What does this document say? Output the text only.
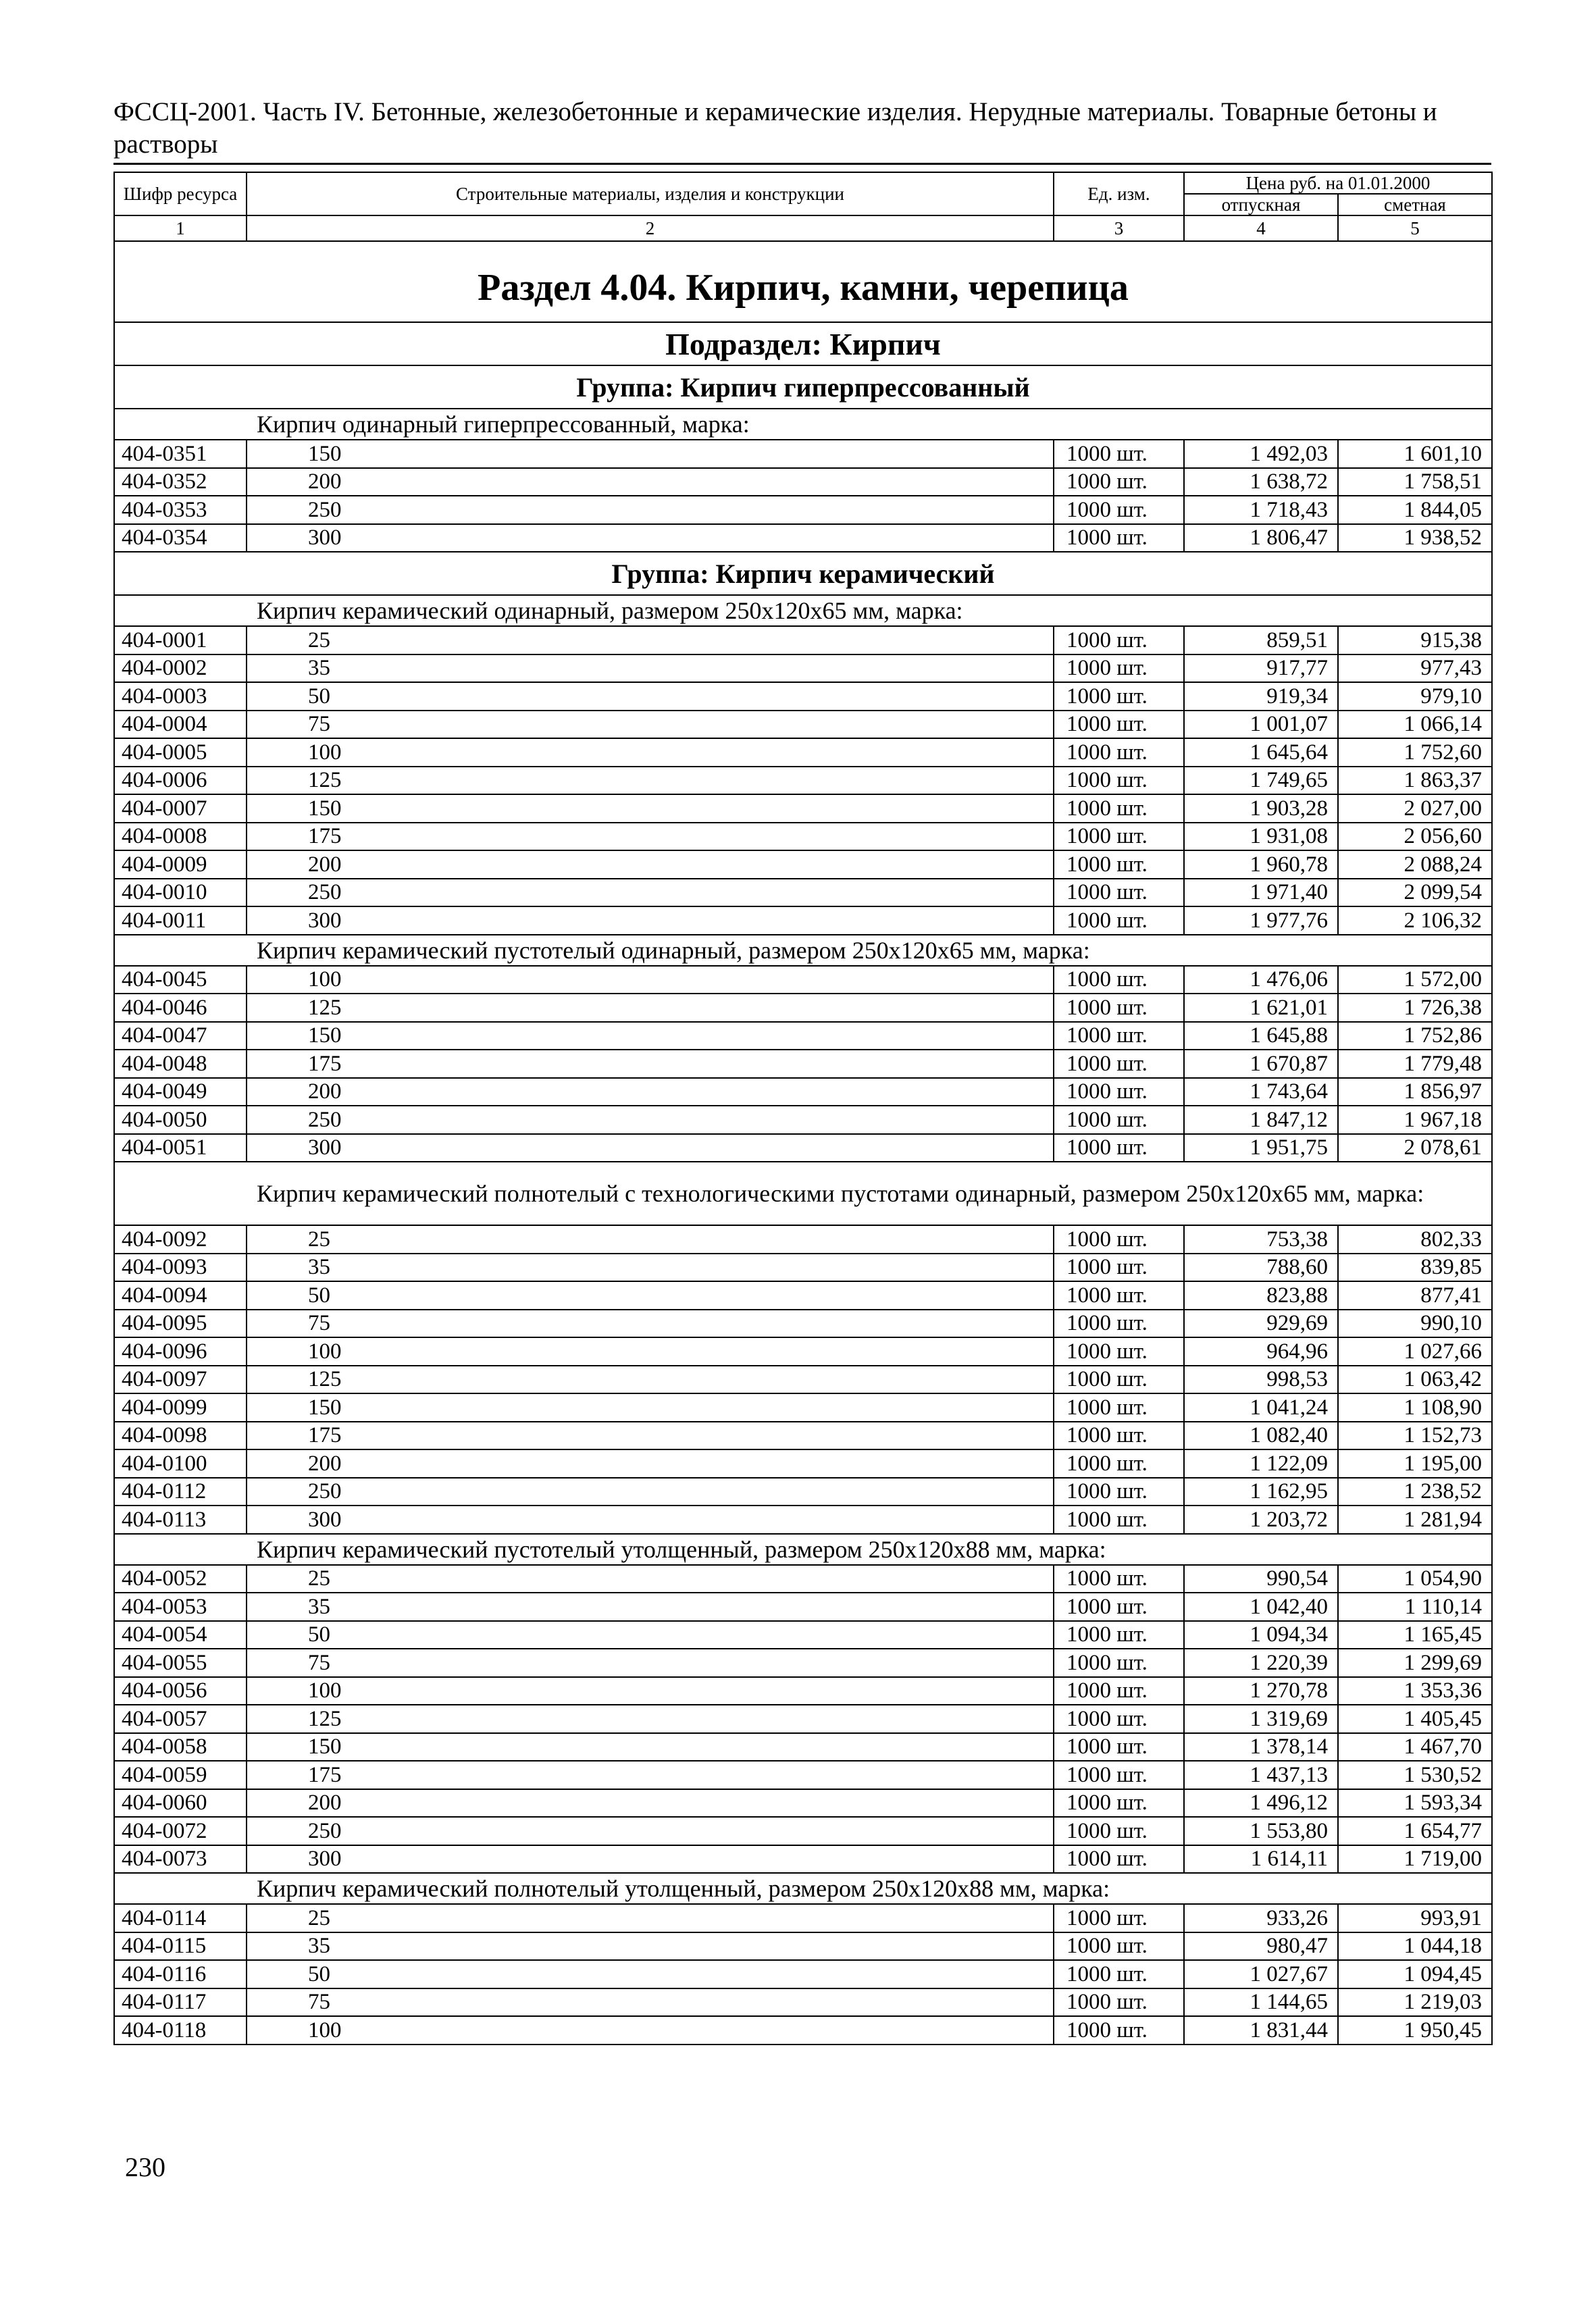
ФССЦ-2001. Часть IV. Бетонные, железобетонные и керамические изделия. Нерудные материалы. Товарные бетоны и растворы
Шифр ресурса	Строительные материалы, изделия и конструкции	Ед. изм.	Цена руб. на 01.01.2000	
			отпускная	сметная
1	2	3	4	5
Раздел 4.04. Кирпич, камни, черепица				
Подраздел: Кирпич				
Группа: Кирпич гиперпрессованный				
Кирпич одинарный гиперпрессованный, марка:				
404-0351	150	1000 шт.	1 492,03	1 601,10
404-0352	200	1000 шт.	1 638,72	1 758,51
404-0353	250	1000 шт.	1 718,43	1 844,05
404-0354	300	1000 шт.	1 806,47	1 938,52
Группа: Кирпич керамический				
Кирпич керамический одинарный, размером 250x120x65 мм, марка:				
404-0001	25	1000 шт.	859,51	915,38
404-0002	35	1000 шт.	917,77	977,43
404-0003	50	1000 шт.	919,34	979,10
404-0004	75	1000 шт.	1 001,07	1 066,14
404-0005	100	1000 шт.	1 645,64	1 752,60
404-0006	125	1000 шт.	1 749,65	1 863,37
404-0007	150	1000 шт.	1 903,28	2 027,00
404-0008	175	1000 шт.	1 931,08	2 056,60
404-0009	200	1000 шт.	1 960,78	2 088,24
404-0010	250	1000 шт.	1 971,40	2 099,54
404-0011	300	1000 шт.	1 977,76	2 106,32
Кирпич керамический пустотелый одинарный, размером 250x120x65 мм, марка:				
404-0045	100	1000 шт.	1 476,06	1 572,00
404-0046	125	1000 шт.	1 621,01	1 726,38
404-0047	150	1000 шт.	1 645,88	1 752,86
404-0048	175	1000 шт.	1 670,87	1 779,48
404-0049	200	1000 шт.	1 743,64	1 856,97
404-0050	250	1000 шт.	1 847,12	1 967,18
404-0051	300	1000 шт.	1 951,75	2 078,61
Кирпич керамический полнотелый с технологическими пустотами одинарный, размером 250x120x65 мм, марка:				
404-0092	25	1000 шт.	753,38	802,33
404-0093	35	1000 шт.	788,60	839,85
404-0094	50	1000 шт.	823,88	877,41
404-0095	75	1000 шт.	929,69	990,10
404-0096	100	1000 шт.	964,96	1 027,66
404-0097	125	1000 шт.	998,53	1 063,42
404-0099	150	1000 шт.	1 041,24	1 108,90
404-0098	175	1000 шт.	1 082,40	1 152,73
404-0100	200	1000 шт.	1 122,09	1 195,00
404-0112	250	1000 шт.	1 162,95	1 238,52
404-0113	300	1000 шт.	1 203,72	1 281,94
Кирпич керамический пустотелый утолщенный, размером 250x120x88 мм, марка:				
404-0052	25	1000 шт.	990,54	1 054,90
404-0053	35	1000 шт.	1 042,40	1 110,14
404-0054	50	1000 шт.	1 094,34	1 165,45
404-0055	75	1000 шт.	1 220,39	1 299,69
404-0056	100	1000 шт.	1 270,78	1 353,36
404-0057	125	1000 шт.	1 319,69	1 405,45
404-0058	150	1000 шт.	1 378,14	1 467,70
404-0059	175	1000 шт.	1 437,13	1 530,52
404-0060	200	1000 шт.	1 496,12	1 593,34
404-0072	250	1000 шт.	1 553,80	1 654,77
404-0073	300	1000 шт.	1 614,11	1 719,00
Кирпич керамический полнотелый утолщенный, размером 250x120x88 мм, марка:				
404-0114	25	1000 шт.	933,26	993,91
404-0115	35	1000 шт.	980,47	1 044,18
404-0116	50	1000 шт.	1 027,67	1 094,45
404-0117	75	1000 шт.	1 144,65	1 219,03
404-0118	100	1000 шт.	1 831,44	1 950,45
230
